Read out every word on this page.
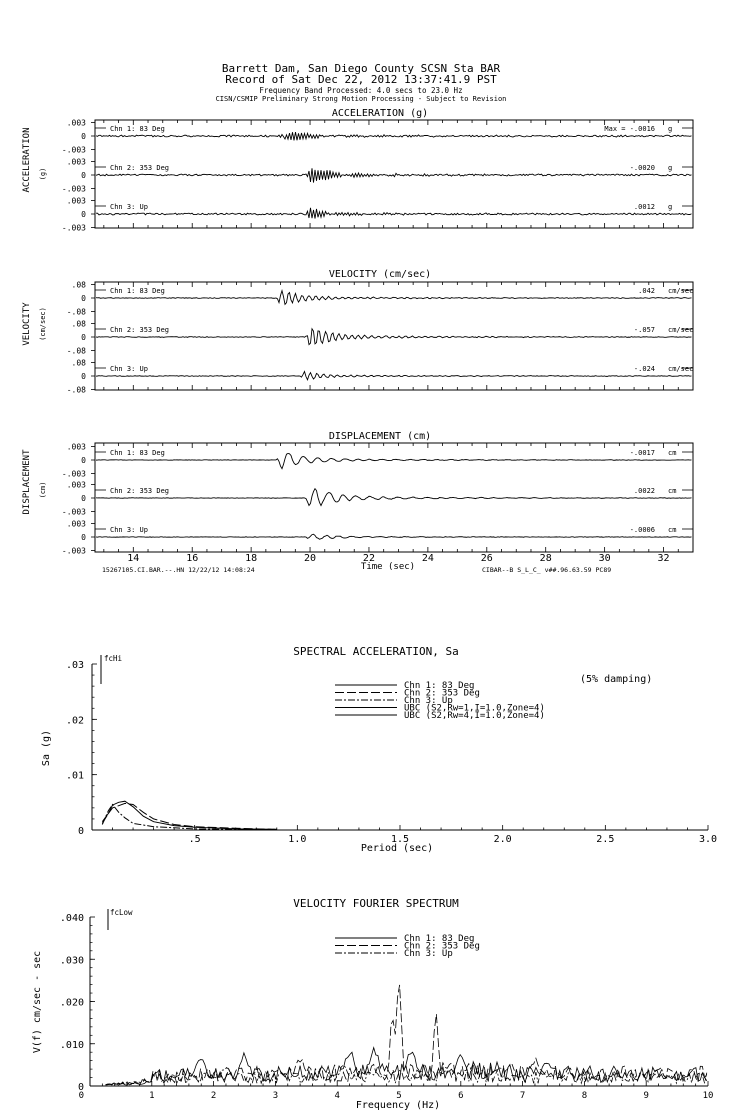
Barrett Dam, San Diego County SCSN Sta BAR
Record of Sat Dec 22, 2012 13:37:41.9 PST
Frequency Band Processed: 4.0 secs to 23.0 Hz
CISN/CSMIP Preliminary Strong Motion Processing - Subject to Revision
ACCELERATION (g)
ACCELERATION (g)
.003
0
-.003
Chn 1: 83 Deg	Max = -.0016 g
.003
0
-.003
Chn 2: 353 Deg	-.0020 g
.003
0
-.003
Chn 3: Up	.0012 g
VELOCITY (cm/sec)
VELOCITY (cm/sec)
.08
0
-.08
Chn 1: 83 Deg	.042 cm/sec
.08
0
-.08
Chn 2: 353 Deg	-.057 cm/sec
.08
0
-.08
Chn 3: Up	-.024 cm/sec
DISPLACEMENT (cm)
DISPLACEMENT (cm)
.003
0
-.003
Chn 1: 83 Deg	-.0017 cm
.003
0
-.003
Chn 2: 353 Deg	.0022 cm
.003
0
-.003
Chn 3: Up	-.0006 cm
Time (sec)
14	16	18	20	22	24	26	28	30	32
15267105.CI.BAR.--.HN 12/22/12 14:08:24	CIBAR--B S_L_C_ v##.96.63.59 PC89
SPECTRAL ACCELERATION, Sa
Sa (g)
Period (sec)
fcHi
(5% damping)
0
.01
.02
.03
.5	1.0	1.5	2.0	2.5	3.0
Chn 1: 83 Deg
Chn 2: 353 Deg
Chn 3: Up
UBC (S2,Rw=1,I=1.0,Zone=4)
UBC (S2,Rw=4,I=1.0,Zone=4)
VELOCITY FOURIER SPECTRUM
V(f) cm/sec - sec
Frequency (Hz)
fcLow
0
.010
.020
.030
.040
1	2	3	4	5	6	7	8	9	10
0
Chn 1: 83 Deg
Chn 2: 353 Deg
Chn 3: Up
